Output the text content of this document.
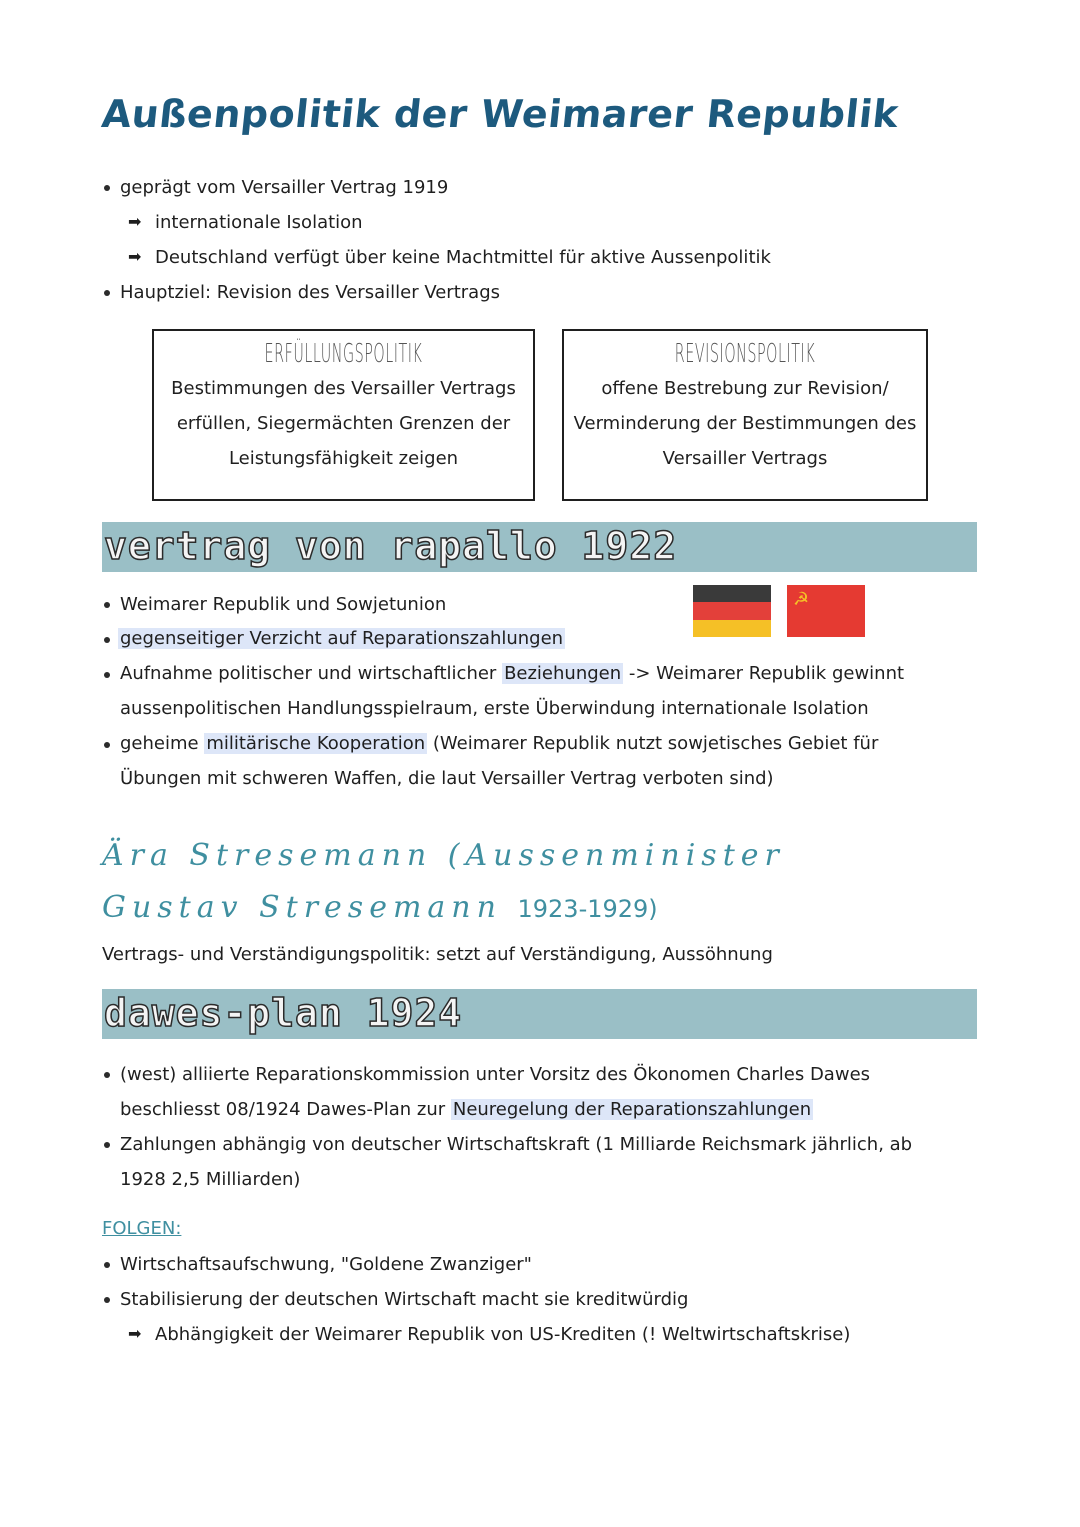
Außenpolitik der Weimarer Republik
geprägt vom Versailler Vertrag 1919
➡ internationale Isolation
➡ Deutschland verfügt über keine Machtmittel für aktive Aussenpolitik
Hauptziel: Revision des Versailler Vertrags
ERFÜLLUNGSPOLITIK
Bestimmungen des Versailler Vertrags
erfüllen, Siegermächten Grenzen der
Leistungsfähigkeit zeigen
REVISIONSPOLITIK
offene Bestrebung zur Revision/
Verminderung der Bestimmungen des
Versailler Vertrags
vertrag von rapallo 1922
☭
Weimarer Republik und Sowjetunion
gegenseitiger Verzicht auf Reparationszahlungen
Aufnahme politischer und wirtschaftlicher Beziehungen -> Weimarer Republik gewinnt
aussenpolitischen Handlungsspielraum, erste Überwindung internationale Isolation
geheime militärische Kooperation (Weimarer Republik nutzt sowjetisches Gebiet für
Übungen mit schweren Waffen, die laut Versailler Vertrag verboten sind)
Ära Stresemann (Aussenminister
Gustav Stresemann 1923-1929)
Vertrags- und Verständigungspolitik: setzt auf Verständigung, Aussöhnung
dawes-plan 1924
(west) alliierte Reparationskommission unter Vorsitz des Ökonomen Charles Dawes
beschliesst 08/1924 Dawes-Plan zur Neuregelung der Reparationszahlungen
Zahlungen abhängig von deutscher Wirtschaftskraft (1 Milliarde Reichsmark jährlich, ab
1928 2,5 Milliarden)
FOLGEN:
Wirtschaftsaufschwung, "Goldene Zwanziger"
Stabilisierung der deutschen Wirtschaft macht sie kreditwürdig
➡ Abhängigkeit der Weimarer Republik von US-Krediten (! Weltwirtschaftskrise)
